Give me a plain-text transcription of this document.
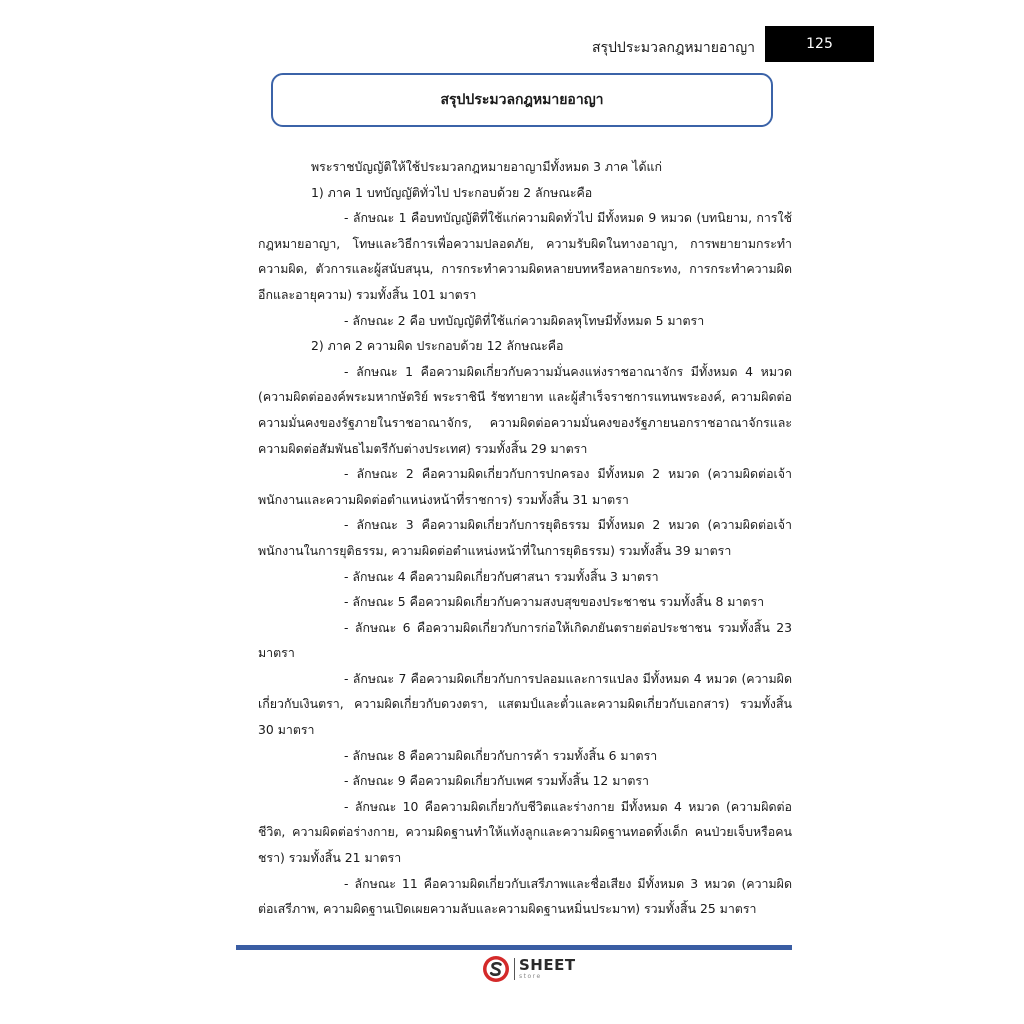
สรุปประมวลกฎหมายอาญา	125
สรุปประมวลกฎหมายอาญา

พระราชบัญญัติให้ใช้ประมวลกฎหมายอาญามีทั้งหมด 3 ภาค ได้แก่

1) ภาค 1 บทบัญญัติทั่วไป ประกอบด้วย 2 ลักษณะคือ

- ลักษณะ 1 คือบทบัญญัติที่ใช้แก่ความผิดทั่วไป มีทั้งหมด 9 หมวด (บทนิยาม, การใช้กฎหมายอาญา, โทษและวิธีการเพื่อความปลอดภัย, ความรับผิดในทางอาญา, การพยายามกระทำความผิด, ตัวการและผู้สนับสนุน, การกระทำความผิดหลายบทหรือหลายกระทง, การกระทำความผิดอีกและอายุความ) รวมทั้งสิ้น 101 มาตรา

- ลักษณะ 2 คือ บทบัญญัติที่ใช้แก่ความผิดลหุโทษมีทั้งหมด 5 มาตรา

2) ภาค 2 ความผิด ประกอบด้วย 12 ลักษณะคือ

- ลักษณะ 1 คือความผิดเกี่ยวกับความมั่นคงแห่งราชอาณาจักร มีทั้งหมด 4 หมวด (ความผิดต่อองค์พระมหากษัตริย์ พระราชินี รัชทายาท และผู้สำเร็จราชการแทนพระองค์, ความผิดต่อความมั่นคงของรัฐภายในราชอาณาจักร, ความผิดต่อความมั่นคงของรัฐภายนอกราชอาณาจักรและความผิดต่อสัมพันธไมตรีกับต่างประเทศ) รวมทั้งสิ้น 29 มาตรา

- ลักษณะ 2 คือความผิดเกี่ยวกับการปกครอง มีทั้งหมด 2 หมวด (ความผิดต่อเจ้าพนักงานและความผิดต่อตำแหน่งหน้าที่ราชการ) รวมทั้งสิ้น 31 มาตรา

- ลักษณะ 3 คือความผิดเกี่ยวกับการยุติธรรม มีทั้งหมด 2 หมวด (ความผิดต่อเจ้าพนักงานในการยุติธรรม, ความผิดต่อตำแหน่งหน้าที่ในการยุติธรรม) รวมทั้งสิ้น 39 มาตรา

- ลักษณะ 4 คือความผิดเกี่ยวกับศาสนา รวมทั้งสิ้น 3 มาตรา

- ลักษณะ 5 คือความผิดเกี่ยวกับความสงบสุขของประชาชน รวมทั้งสิ้น 8 มาตรา

- ลักษณะ 6 คือความผิดเกี่ยวกับการก่อให้เกิดภยันตรายต่อประชาชน รวมทั้งสิ้น 23 มาตรา

- ลักษณะ 7 คือความผิดเกี่ยวกับการปลอมและการแปลง มีทั้งหมด 4 หมวด (ความผิดเกี่ยวกับเงินตรา, ความผิดเกี่ยวกับดวงตรา, แสตมป์และตั๋วและความผิดเกี่ยวกับเอกสาร) รวมทั้งสิ้น 30 มาตรา

- ลักษณะ 8 คือความผิดเกี่ยวกับการค้า รวมทั้งสิ้น 6 มาตรา

- ลักษณะ 9 คือความผิดเกี่ยวกับเพศ รวมทั้งสิ้น 12 มาตรา

- ลักษณะ 10 คือความผิดเกี่ยวกับชีวิตและร่างกาย มีทั้งหมด 4 หมวด (ความผิดต่อชีวิต, ความผิดต่อร่างกาย, ความผิดฐานทำให้แท้งลูกและความผิดฐานทอดทิ้งเด็ก คนป่วยเจ็บหรือคนชรา) รวมทั้งสิ้น 21 มาตรา

- ลักษณะ 11 คือความผิดเกี่ยวกับเสรีภาพและชื่อเสียง มีทั้งหมด 3 หมวด (ความผิดต่อเสรีภาพ, ความผิดฐานเปิดเผยความลับและความผิดฐานหมิ่นประมาท) รวมทั้งสิ้น 25 มาตรา

SHEET
store
